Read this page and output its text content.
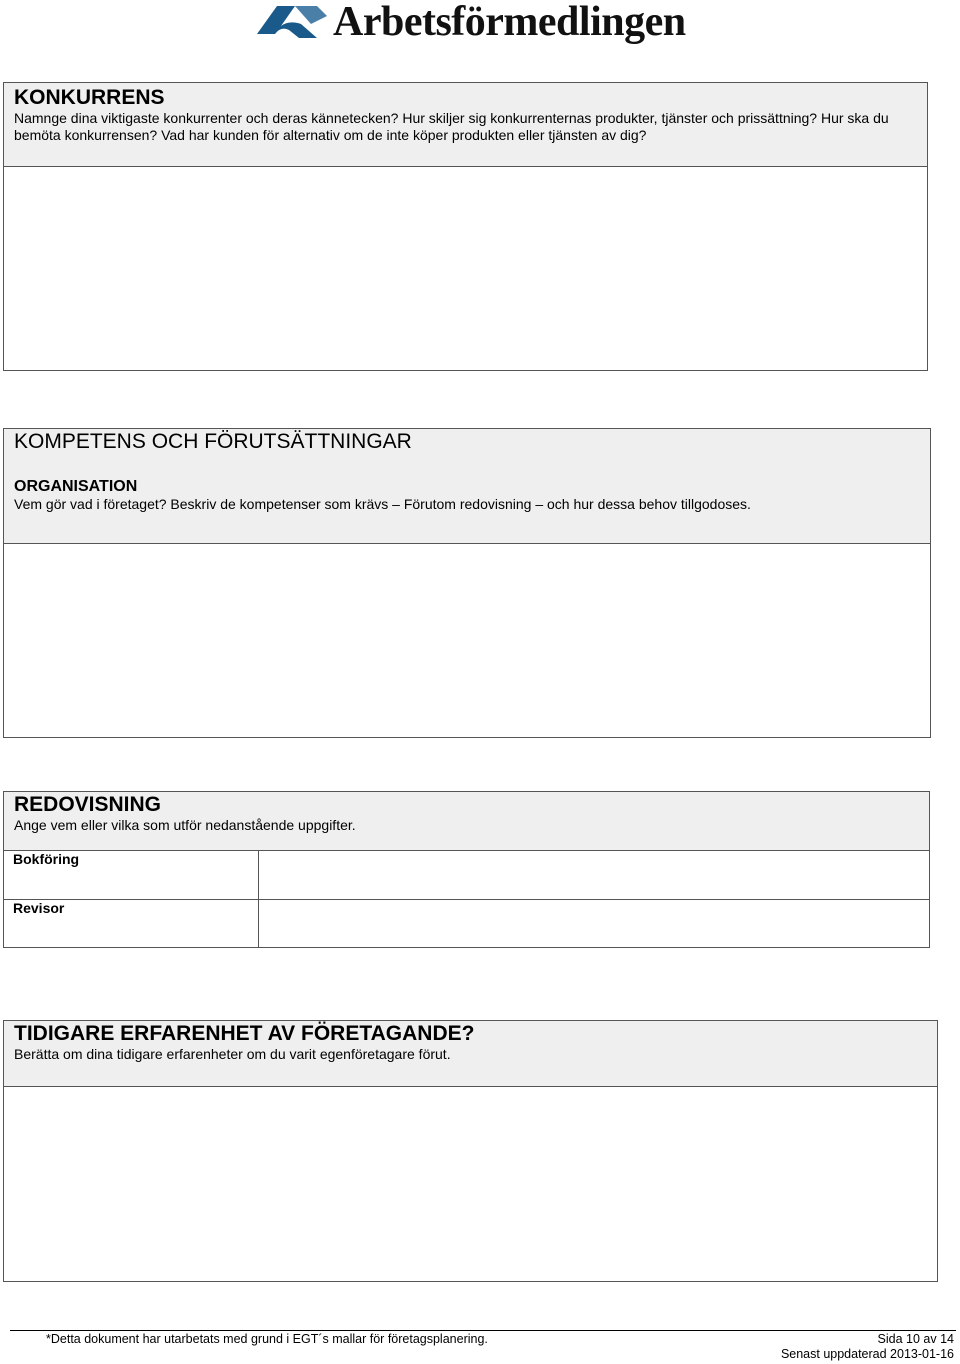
Arbetsförmedlingen

KONKURRENS

Namnge dina viktigaste konkurrenter och deras kännetecken? Hur skiljer sig konkurrenternas produkter, tjänster och prissättning? Hur ska du

bemöta konkurrensen? Vad har kunden för alternativ om de inte köper produkten eller tjänsten av dig?

KOMPETENS OCH FÖRUTSÄTTNINGAR

ORGANISATION

Vem gör vad i företaget? Beskriv de kompetenser som krävs – Förutom redovisning – och hur dessa behov tillgodoses.

REDOVISNING

Ange vem eller vilka som utför nedanstående uppgifter.

Bokföring
Revisor

TIDIGARE ERFARENHET AV FÖRETAGANDE?

Berätta om dina tidigare erfarenheter om du varit egenföretagare förut.

*Detta dokument har utarbetats med grund i EGT´s mallar för företagsplanering.	Sida 10 av 14
Senast uppdaterad 2013-01-16
